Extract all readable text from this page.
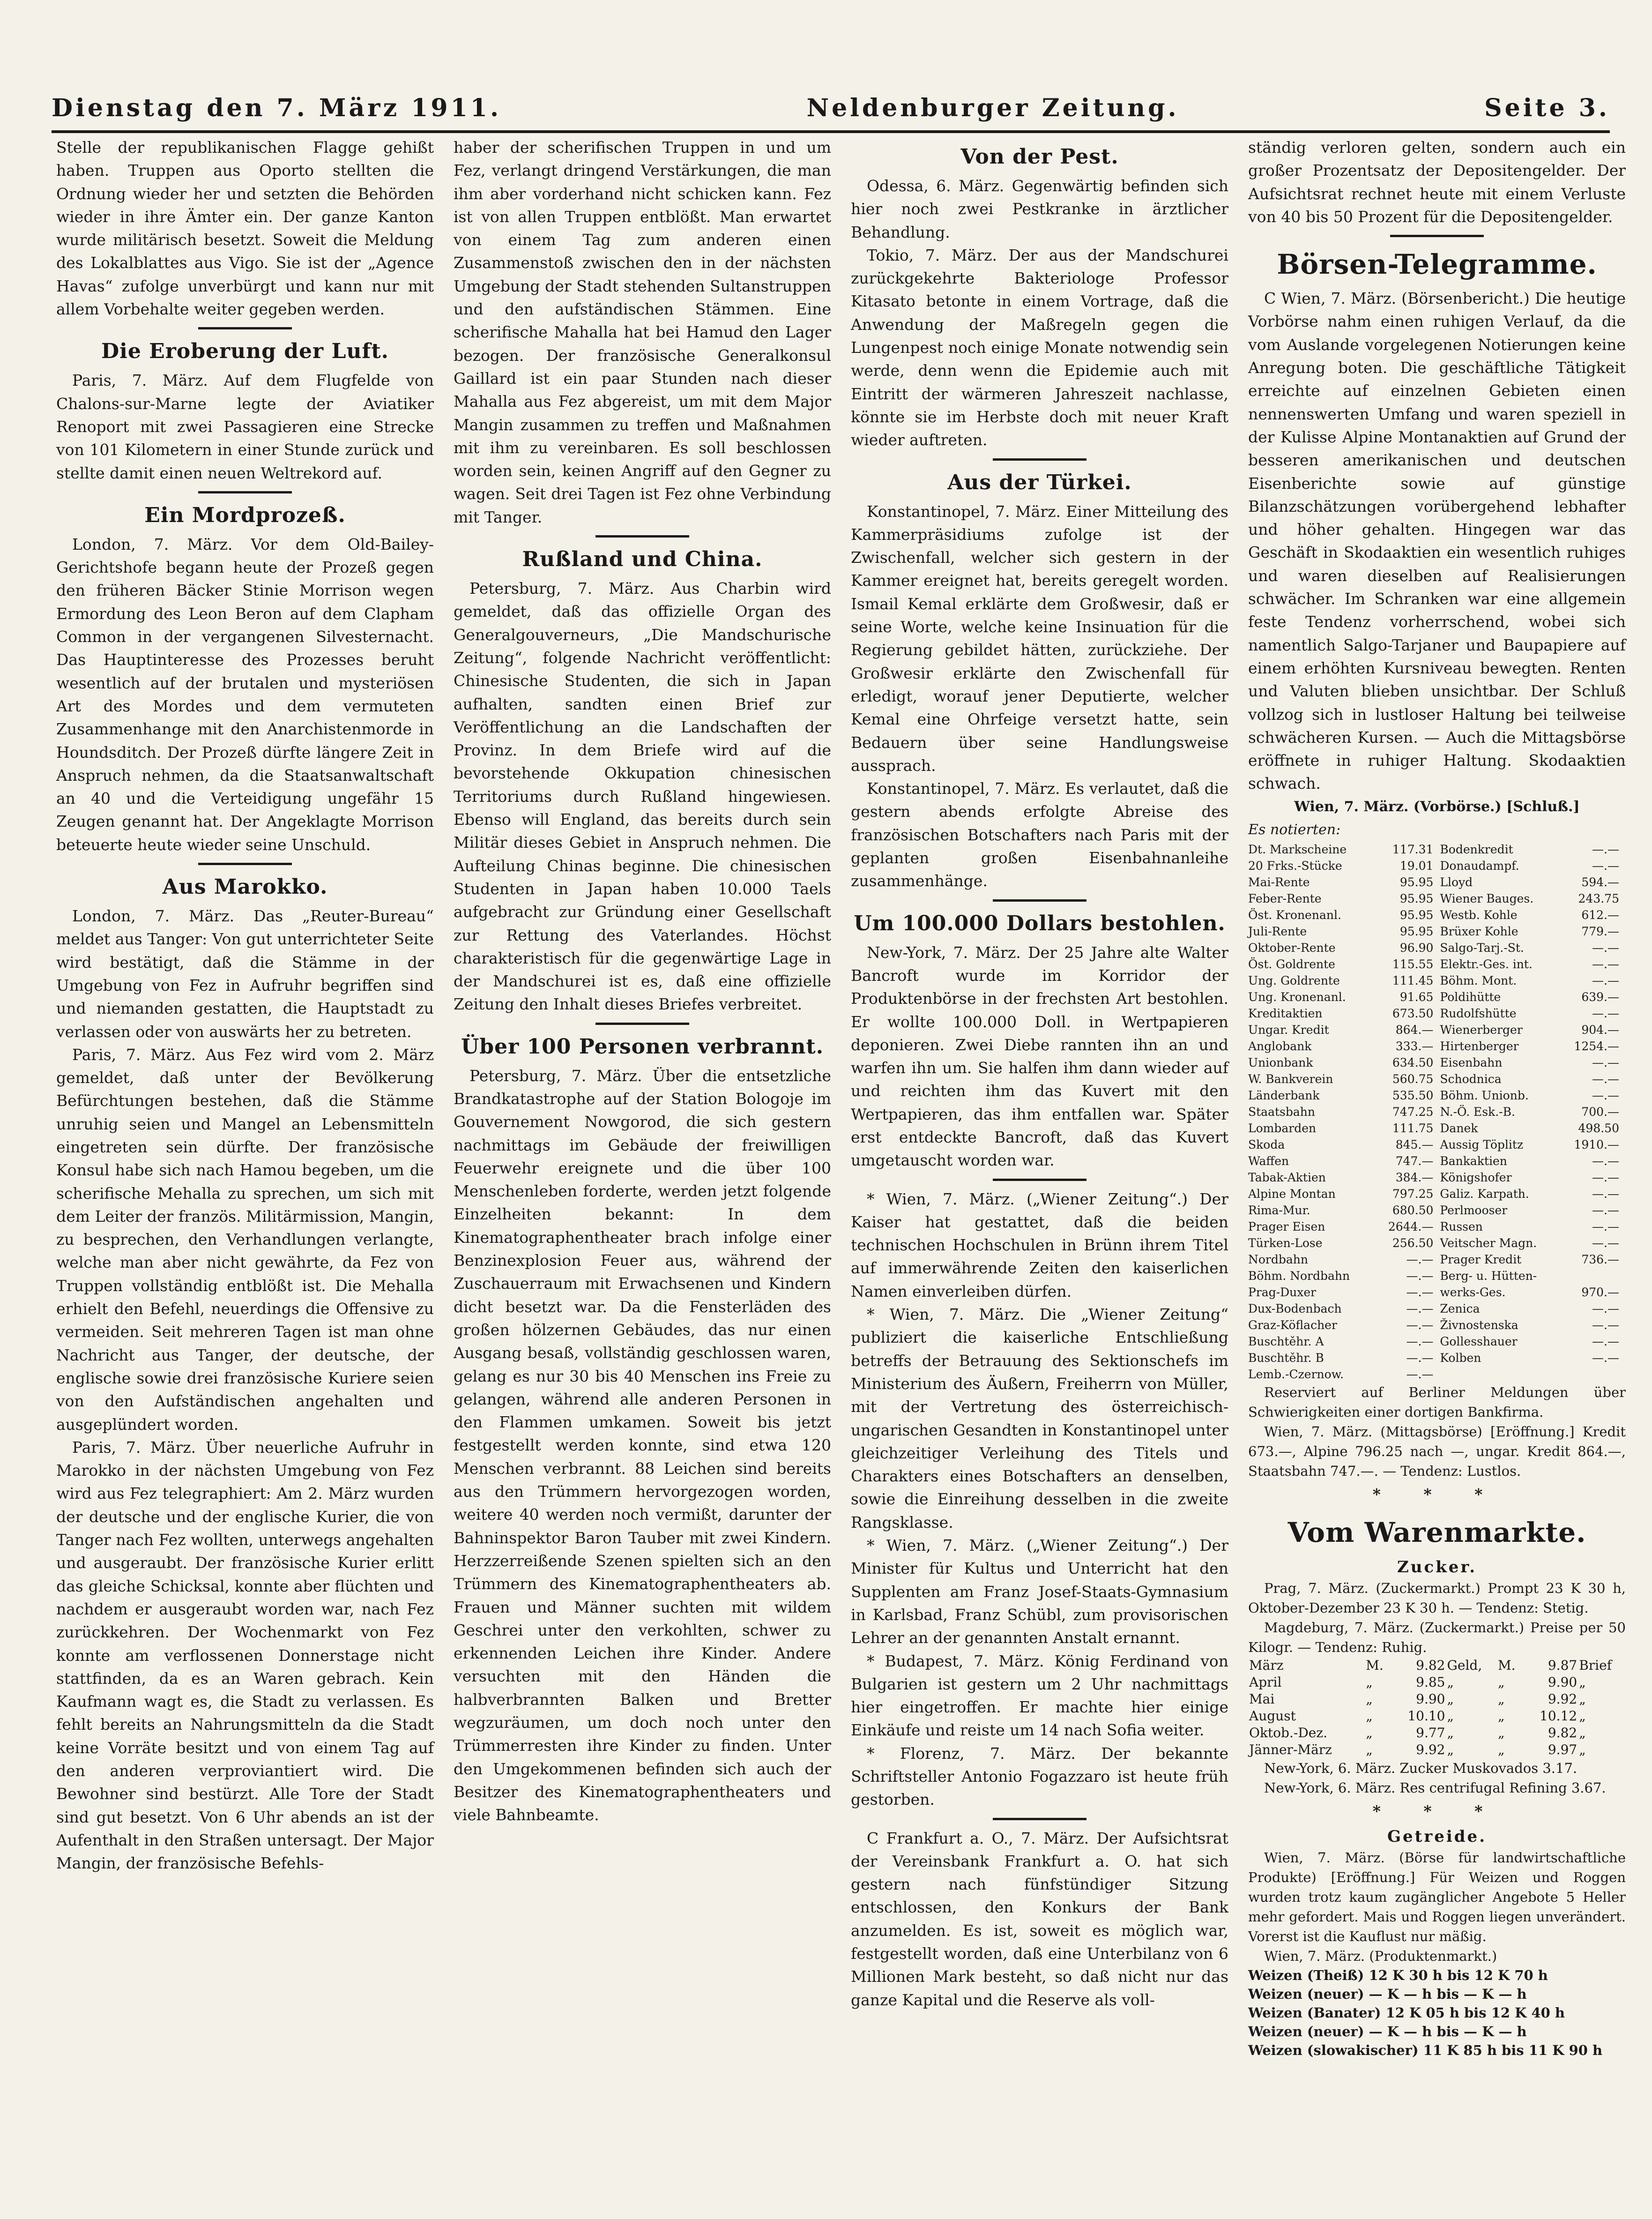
Dienstag den 7. März 1911.	Neldenburger Zeitung.	Seite 3.

Stelle der republikanischen Flagge gehißt haben. Truppen aus Oporto stellten die Ordnung wieder her und setzten die Behörden wieder in ihre Ämter ein. Der ganze Kanton wurde militärisch besetzt. Soweit die Meldung des Lokalblattes aus Vigo. Sie ist der „Agence Havas“ zufolge unverbürgt und kann nur mit allem Vorbehalte weiter gegeben werden.

Die Eroberung der Luft.

Paris, 7. März. Auf dem Flugfelde von Chalons-sur-Marne legte der Aviatiker Renoport mit zwei Passagieren eine Strecke von 101 Kilometern in einer Stunde zurück und stellte damit einen neuen Weltrekord auf.

Ein Mordprozeß.

London, 7. März. Vor dem Old-Bailey-Gerichtshofe begann heute der Prozeß gegen den früheren Bäcker Stinie Morrison wegen Ermordung des Leon Beron auf dem Clapham Common in der vergangenen Silvesternacht. Das Hauptinteresse des Prozesses beruht wesentlich auf der brutalen und mysteriösen Art des Mordes und dem vermuteten Zusammenhange mit den Anarchistenmorde in Houndsditch. Der Prozeß dürfte längere Zeit in Anspruch nehmen, da die Staatsanwaltschaft an 40 und die Verteidigung ungefähr 15 Zeugen genannt hat. Der Angeklagte Morrison beteuerte heute wieder seine Unschuld.

Aus Marokko.

London, 7. März. Das „Reuter-Bureau“ meldet aus Tanger: Von gut unterrichteter Seite wird bestätigt, daß die Stämme in der Umgebung von Fez in Aufruhr begriffen sind und niemanden gestatten, die Hauptstadt zu verlassen oder von auswärts her zu betreten.

Paris, 7. März. Aus Fez wird vom 2. März gemeldet, daß unter der Bevölkerung Befürchtungen bestehen, daß die Stämme unruhig seien und Mangel an Lebensmitteln eingetreten sein dürfte. Der französische Konsul habe sich nach Hamou begeben, um die scherifische Mehalla zu sprechen, um sich mit dem Leiter der französ. Militärmission, Mangin, zu besprechen, den Verhandlungen verlangte, welche man aber nicht gewährte, da Fez von Truppen vollständig entblößt ist. Die Mehalla erhielt den Befehl, neuerdings die Offensive zu vermeiden. Seit mehreren Tagen ist man ohne Nachricht aus Tanger, der deutsche, der englische sowie drei französische Kuriere seien von den Aufständischen angehalten und ausgeplündert worden.

Paris, 7. März. Über neuerliche Aufruhr in Marokko in der nächsten Umgebung von Fez wird aus Fez telegraphiert: Am 2. März wurden der deutsche und der englische Kurier, die von Tanger nach Fez wollten, unterwegs angehalten und ausgeraubt. Der französische Kurier erlitt das gleiche Schicksal, konnte aber flüchten und nachdem er ausgeraubt worden war, nach Fez zurückkehren. Der Wochenmarkt von Fez konnte am verflossenen Donnerstage nicht stattfinden, da es an Waren gebrach. Kein Kaufmann wagt es, die Stadt zu verlassen. Es fehlt bereits an Nahrungsmitteln da die Stadt keine Vorräte besitzt und von einem Tag auf den anderen verproviantiert wird. Die Bewohner sind bestürzt. Alle Tore der Stadt sind gut besetzt. Von 6 Uhr abends an ist der Aufenthalt in den Straßen untersagt. Der Major Mangin, der französische Befehls-

haber der scherifischen Truppen in und um Fez, verlangt dringend Verstärkungen, die man ihm aber vorderhand nicht schicken kann. Fez ist von allen Truppen entblößt. Man erwartet von einem Tag zum anderen einen Zusammenstoß zwischen den in der nächsten Umgebung der Stadt stehenden Sultanstruppen und den aufständischen Stämmen. Eine scherifische Mahalla hat bei Hamud den Lager bezogen. Der französische Generalkonsul Gaillard ist ein paar Stunden nach dieser Mahalla aus Fez abgereist, um mit dem Major Mangin zusammen zu treffen und Maßnahmen mit ihm zu vereinbaren. Es soll beschlossen worden sein, keinen Angriff auf den Gegner zu wagen. Seit drei Tagen ist Fez ohne Verbindung mit Tanger.

Rußland und China.

Petersburg, 7. März. Aus Charbin wird gemeldet, daß das offizielle Organ des Generalgouverneurs, „Die Mandschurische Zeitung“, folgende Nachricht veröffentlicht: Chinesische Studenten, die sich in Japan aufhalten, sandten einen Brief zur Veröffentlichung an die Landschaften der Provinz. In dem Briefe wird auf die bevorstehende Okkupation chinesischen Territoriums durch Rußland hingewiesen. Ebenso will England, das bereits durch sein Militär dieses Gebiet in Anspruch nehmen. Die Aufteilung Chinas beginne. Die chinesischen Studenten in Japan haben 10.000 Taels aufgebracht zur Gründung einer Gesellschaft zur Rettung des Vaterlandes. Höchst charakteristisch für die gegenwärtige Lage in der Mandschurei ist es, daß eine offizielle Zeitung den Inhalt dieses Briefes verbreitet.

Über 100 Personen verbrannt.

Petersburg, 7. März. Über die entsetzliche Brandkatastrophe auf der Station Bologoje im Gouvernement Nowgorod, die sich gestern nachmittags im Gebäude der freiwilligen Feuerwehr ereignete und die über 100 Menschenleben forderte, werden jetzt folgende Einzelheiten bekannt: In dem Kinematographentheater brach infolge einer Benzinexplosion Feuer aus, während der Zuschauerraum mit Erwachsenen und Kindern dicht besetzt war. Da die Fensterläden des großen hölzernen Gebäudes, das nur einen Ausgang besaß, vollständig geschlossen waren, gelang es nur 30 bis 40 Menschen ins Freie zu gelangen, während alle anderen Personen in den Flammen umkamen. Soweit bis jetzt festgestellt werden konnte, sind etwa 120 Menschen verbrannt. 88 Leichen sind bereits aus den Trümmern hervorgezogen worden, weitere 40 werden noch vermißt, darunter der Bahninspektor Baron Tauber mit zwei Kindern. Herzzerreißende Szenen spielten sich an den Trümmern des Kinematographentheaters ab. Frauen und Männer suchten mit wildem Geschrei unter den verkohlten, schwer zu erkennenden Leichen ihre Kinder. Andere versuchten mit den Händen die halbverbrannten Balken und Bretter wegzuräumen, um doch noch unter den Trümmerresten ihre Kinder zu finden. Unter den Umgekommenen befinden sich auch der Besitzer des Kinematographentheaters und viele Bahnbeamte.

Von der Pest.

Odessa, 6. März. Gegenwärtig befinden sich hier noch zwei Pestkranke in ärztlicher Behandlung.

Tokio, 7. März. Der aus der Mandschurei zurückgekehrte Bakteriologe Professor Kitasato betonte in einem Vortrage, daß die Anwendung der Maßregeln gegen die Lungenpest noch einige Monate notwendig sein werde, denn wenn die Epidemie auch mit Eintritt der wärmeren Jahreszeit nachlasse, könnte sie im Herbste doch mit neuer Kraft wieder auftreten.

Aus der Türkei.

Konstantinopel, 7. März. Einer Mitteilung des Kammerpräsidiums zufolge ist der Zwischenfall, welcher sich gestern in der Kammer ereignet hat, bereits geregelt worden. Ismail Kemal erklärte dem Großwesir, daß er seine Worte, welche keine Insinuation für die Regierung gebildet hätten, zurückziehe. Der Großwesir erklärte den Zwischenfall für erledigt, worauf jener Deputierte, welcher Kemal eine Ohrfeige versetzt hatte, sein Bedauern über seine Handlungsweise aussprach.

Konstantinopel, 7. März. Es verlautet, daß die gestern abends erfolgte Abreise des französischen Botschafters nach Paris mit der geplanten großen Eisenbahnanleihe zusammenhänge.

Um 100.000 Dollars bestohlen.

New-York, 7. März. Der 25 Jahre alte Walter Bancroft wurde im Korridor der Produktenbörse in der frechsten Art bestohlen. Er wollte 100.000 Doll. in Wertpapieren deponieren. Zwei Diebe rannten ihn an und warfen ihn um. Sie halfen ihm dann wieder auf und reichten ihm das Kuvert mit den Wertpapieren, das ihm entfallen war. Später erst entdeckte Bancroft, daß das Kuvert umgetauscht worden war.

* Wien, 7. März. („Wiener Zeitung“.) Der Kaiser hat gestattet, daß die beiden technischen Hochschulen in Brünn ihrem Titel auf immerwährende Zeiten den kaiserlichen Namen einverleiben dürfen.

* Wien, 7. März. Die „Wiener Zeitung“ publiziert die kaiserliche Entschließung betreffs der Betrauung des Sektionschefs im Ministerium des Äußern, Freiherrn von Müller, mit der Vertretung des österreichisch-ungarischen Gesandten in Konstantinopel unter gleichzeitiger Verleihung des Titels und Charakters eines Botschafters an denselben, sowie die Einreihung desselben in die zweite Rangsklasse.

* Wien, 7. März. („Wiener Zeitung“.) Der Minister für Kultus und Unterricht hat den Supplenten am Franz Josef-Staats-Gymnasium in Karlsbad, Franz Schübl, zum provisorischen Lehrer an der genannten Anstalt ernannt.

* Budapest, 7. März. König Ferdinand von Bulgarien ist gestern um 2 Uhr nachmittags hier eingetroffen. Er machte hier einige Einkäufe und reiste um 14 nach Sofia weiter.

* Florenz, 7. März. Der bekannte Schriftsteller Antonio Fogazzaro ist heute früh gestorben.

C Frankfurt a. O., 7. März. Der Aufsichtsrat der Vereinsbank Frankfurt a. O. hat sich gestern nach fünfstündiger Sitzung entschlossen, den Konkurs der Bank anzumelden. Es ist, soweit es möglich war, festgestellt worden, daß eine Unterbilanz von 6 Millionen Mark besteht, so daß nicht nur das ganze Kapital und die Reserve als voll-

ständig verloren gelten, sondern auch ein großer Prozentsatz der Depositengelder. Der Aufsichtsrat rechnet heute mit einem Verluste von 40 bis 50 Prozent für die Depositengelder.

Börsen-Telegramme.

C Wien, 7. März. (Börsenbericht.) Die heutige Vorbörse nahm einen ruhigen Verlauf, da die vom Auslande vorgelegenen Notierungen keine Anregung boten. Die geschäftliche Tätigkeit erreichte auf einzelnen Gebieten einen nennenswerten Umfang und waren speziell in der Kulisse Alpine Montanaktien auf Grund der besseren amerikanischen und deutschen Eisenberichte sowie auf günstige Bilanzschätzungen vorübergehend lebhafter und höher gehalten. Hingegen war das Geschäft in Skodaaktien ein wesentlich ruhiges und waren dieselben auf Realisierungen schwächer. Im Schranken war eine allgemein feste Tendenz vorherrschend, wobei sich namentlich Salgo-Tarjaner und Baupapiere auf einem erhöhten Kursniveau bewegten. Renten und Valuten blieben unsichtbar. Der Schluß vollzog sich in lustloser Haltung bei teilweise schwächeren Kursen. — Auch die Mittagsbörse eröffnete in ruhiger Haltung. Skodaaktien schwach.

Wien, 7. März. (Vorbörse.) [Schluß.]
Es notierten:
Dt. Markscheine	117.31	Bodenkredit	—.—
20 Frks.-Stücke	19.01	Donaudampf.	—.—
Mai-Rente	95.95	Lloyd	594.—
Feber-Rente	95.95	Wiener Bauges.	243.75
Öst. Kronenanl.	95.95	Westb. Kohle	612.—
Juli-Rente	95.95	Brüxer Kohle	779.—
Oktober-Rente	96.90	Salgo-Tarj.-St.	—.—
Öst. Goldrente	115.55	Elektr.-Ges. int.	—.—
Ung. Goldrente	111.45	Böhm. Mont.	—.—
Ung. Kronenanl.	91.65	Poldihütte	639.—
Kreditaktien	673.50	Rudolfshütte	—.—
Ungar. Kredit	864.—	Wienerberger	904.—
Anglobank	333.—	Hirtenberger	1254.—
Unionbank	634.50	Eisenbahn	—.—
W. Bankverein	560.75	Schodnica	—.—
Länderbank	535.50	Böhm. Unionb.	—.—
Staatsbahn	747.25	N.-Ö. Esk.-B.	700.—
Lombarden	111.75	Danek	498.50
Skoda	845.—	Aussig Töplitz	1910.—
Waffen	747.—	Bankaktien	—.—
Tabak-Aktien	384.—	Königshofer	—.—
Alpine Montan	797.25	Galiz. Karpath.	—.—
Rima-Mur.	680.50	Perlmooser	—.—
Prager Eisen	2644.—	Russen	—.—
Türken-Lose	256.50	Veitscher Magn.	—.—
Nordbahn	—.—	Prager Kredit	736.—
Böhm. Nordbahn	—.—	Berg- u. Hütten-	
Prag-Duxer	—.—	werks-Ges.	970.—
Dux-Bodenbach	—.—	Zenica	—.—
Graz-Köflacher	—.—	Živnostenska	—.—
Buschtěhr. A	—.—	Gollesshauer	—.—
Buschtěhr. B	—.—	Kolben	—.—
Lemb.-Czernow.	—.—		

Reserviert auf Berliner Meldungen über Schwierigkeiten einer dortigen Bankfirma.

Wien, 7. März. (Mittagsbörse) [Eröffnung.] Kredit 673.—, Alpine 796.25 nach —, ungar. Kredit 864.—, Staatsbahn 747.—. — Tendenz: Lustlos.

* * *
Vom Warenmarkte.
Zucker.

Prag, 7. März. (Zuckermarkt.) Prompt 23 K 30 h, Oktober-Dezember 23 K 30 h. — Tendenz: Stetig.

Magdeburg, 7. März. (Zuckermarkt.) Preise per 50 Kilogr. — Tendenz: Ruhig.

März	M.	9.82	Geld,	M.	9.87	Brief
April	„	9.85	„	„	9.90	„
Mai	„	9.90	„	„	9.92	„
August	„	10.10	„	„	10.12	„
Oktob.-Dez.	„	9.77	„	„	9.82	„
Jänner-März	„	9.92	„	„	9.97	„

New-York, 6. März. Zucker Muskovados 3.17.

New-York, 6. März. Res centrifugal Refining 3.67.

* * *
Getreide.

Wien, 7. März. (Börse für landwirtschaftliche Produkte) [Eröffnung.] Für Weizen und Roggen wurden trotz kaum zugänglicher Angebote 5 Heller mehr gefordert. Mais und Roggen liegen unverändert. Vorerst ist die Kauflust nur mäßig.

Wien, 7. März. (Produktenmarkt.)

Weizen (Theiß) 12 K 30 h bis 12 K 70 h
Weizen (neuer) — K — h bis — K — h
Weizen (Banater) 12 K 05 h bis 12 K 40 h
Weizen (neuer) — K — h bis — K — h
Weizen (slowakischer) 11 K 85 h bis 11 K 90 h
